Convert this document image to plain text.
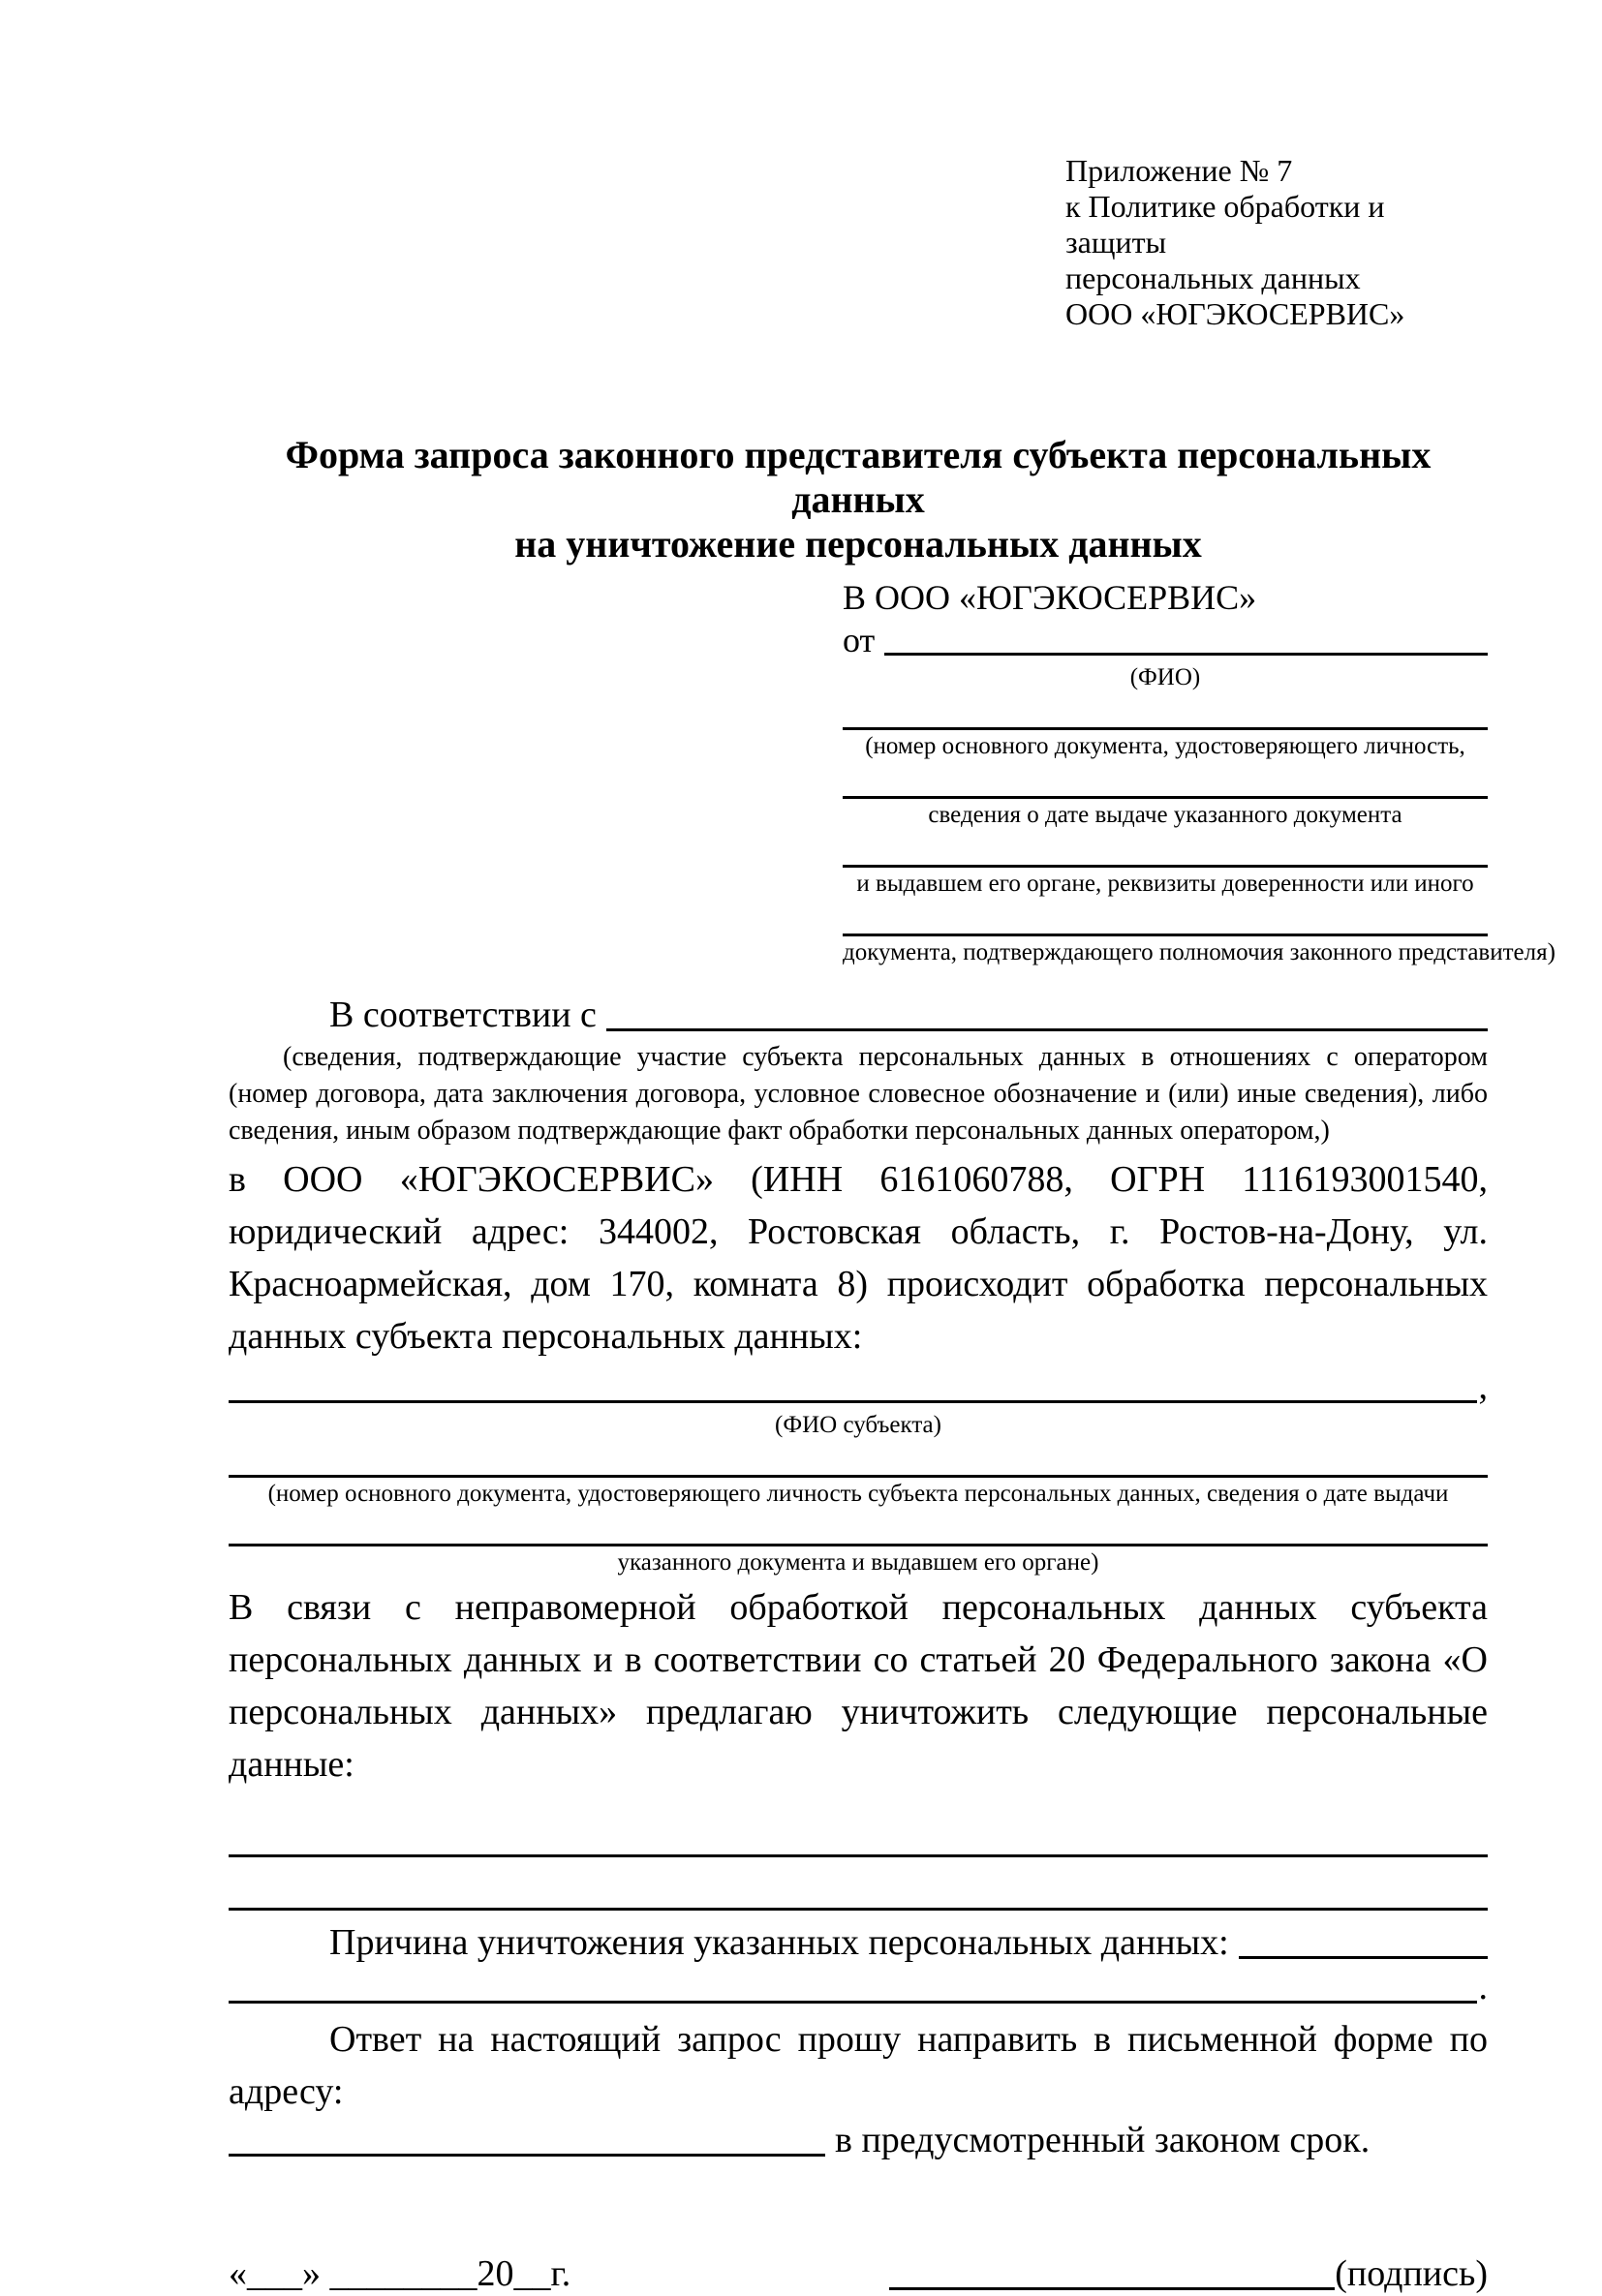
Приложение № 7
к Политике обработки и защиты
персональных данных
ООО «ЮГЭКОСЕРВИС»
Форма запроса законного представителя субъекта персональных данных
на уничтожение персональных данных
В ООО «ЮГЭКОСЕРВИС»
от
(ФИО)
(номер основного документа, удостоверяющего личность,
сведения о дате выдаче указанного документа
и выдавшем его органе, реквизиты доверенности или иного
документа, подтверждающего полномочия законного представителя)
В соответствии с

(сведения, подтверждающие участие субъекта персональных данных в отношениях с оператором (номер договора, дата заключения договора, условное словесное обозначение и (или) иные сведения), либо сведения, иным образом подтверждающие факт обработки персональных данных оператором,)

в ООО «ЮГЭКОСЕРВИС» (ИНН 6161060788, ОГРН 1116193001540, юридический адрес: 344002, Ростовская область, г. Ростов-на-Дону, ул. Красноармейская, дом 170, комната 8) происходит обработка персональных данных субъекта персональных данных:

,
(ФИО субъекта)
(номер основного документа, удостоверяющего личность субъекта персональных данных, сведения о дате выдачи
указанного документа и выдавшем его органе)

В связи с неправомерной обработкой персональных данных субъекта персональных данных и в соответствии со статьей 20 Федерального закона «О персональных данных» предлагаю уничтожить следующие персональные данные:

Причина уничтожения указанных персональных данных:
.

Ответ на настоящий запрос прошу направить в письменной форме по адресу:

в предусмотренный законом срок.
«___» ________20__г.	(подпись)
